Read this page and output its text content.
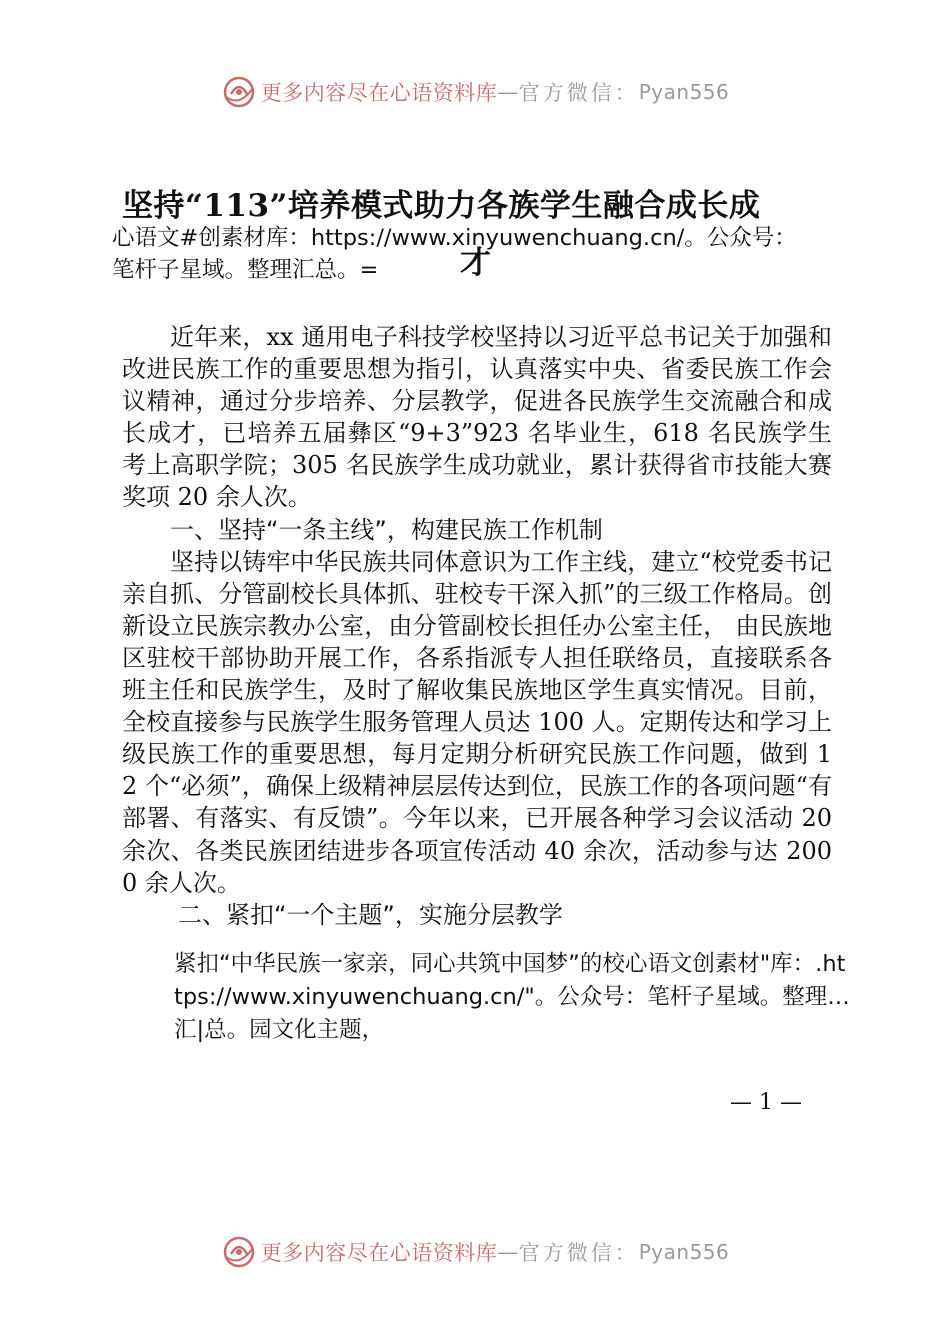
更多内容尽在心语资料库 — 官方微信： Pyan556
坚持“113”培养模式助力各族学生融合成长成
才
心语文#创素材库：https://www.xinyuwenchuang.cn/。公众号：
笔杆子星域。整理汇总。=

近年来，xx 通用电子科技学校坚持以习近平总书记关于加强和改进民族工作的重要思想为指引，认真落实中央、省委民族工作会议精神，通过分步培养、分层教学，促进各民族学生交流融合和成长成才，已培养五届彝区“9+3”923 名毕业生，618 名民族学生考上高职学院；305 名民族学生成功就业，累计获得省市技能大赛奖项 20 余人次。

一、坚持“一条主线”，构建民族工作机制

坚持以铸牢中华民族共同体意识为工作主线，建立“校党委书记亲自抓、分管副校长具体抓、驻校专干深入抓”的三级工作格局。创新设立民族宗教办公室，由分管副校长担任办公室主任， 由民族地区驻校干部协助开展工作，各系指派专人担任联络员，直接联系各班主任和民族学生，及时了解收集民族地区学生真实情况。目前，全校直接参与民族学生服务管理人员达 100 人。定期传达和学习上级民族工作的重要思想，每月定期分析研究民族工作问题，做到 12 个“必须”，确保上级精神层层传达到位，民族工作的各项问题“有部署、有落实、有反馈”。今年以来，已开展各种学习会议活动 20 余次、各类民族团结进步各项宣传活动 40 余次，活动参与达 2000 余人次。

二、紧扣“一个主题”，实施分层教学

紧扣“中华民族一家亲，同心共筑中国梦”的校心语文创素材"库：.https://www.xinyuwenchuang.cn/"。公众号：笔杆子星域。整理…汇|总。园文化主题，
— 1 —
更多内容尽在心语资料库 — 官方微信： Pyan556
